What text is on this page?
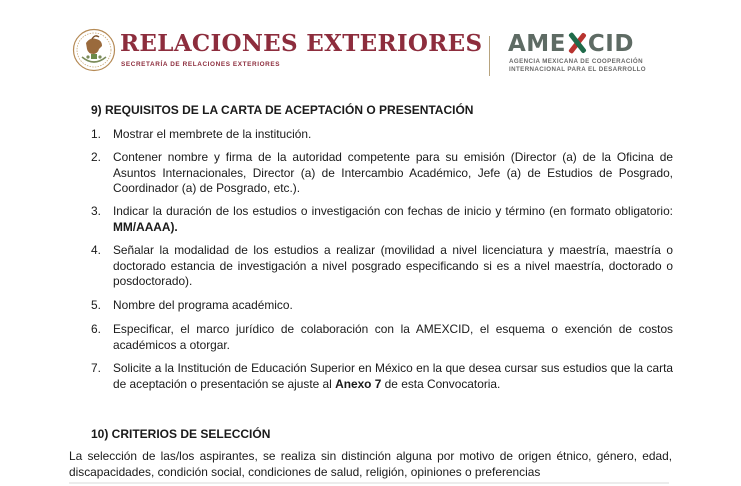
RELACIONES EXTERIORES
SECRETARÍA DE RELACIONES EXTERIORES
AME CID
AGENCIA MEXICANA DE COOPERACIÓN
INTERNACIONAL PARA EL DESARROLLO
9) REQUISITOS DE LA CARTA DE ACEPTACIÓN O PRESENTACIÓN
1. Mostrar el membrete de la institución.
2. Contener nombre y firma de la autoridad competente para su emisión (Director (a) de la Oficina de Asuntos Internacionales, Director (a) de Intercambio Académico, Jefe (a) de Estudios de Posgrado, Coordinador (a) de Posgrado, etc.).
3. Indicar la duración de los estudios o investigación con fechas de inicio y término (en formato obligatorio: MM/AAAA).
4. Señalar la modalidad de los estudios a realizar (movilidad a nivel licenciatura y maestría, maestría o doctorado estancia de investigación a nivel posgrado especificando si es a nivel maestría, doctorado o posdoctorado).
5. Nombre del programa académico.
6. Especificar, el marco jurídico de colaboración con la AMEXCID, el esquema o exención de costos académicos a otorgar.
7. Solicite a la Institución de Educación Superior en México en la que desea cursar sus estudios que la carta de aceptación o presentación se ajuste al Anexo 7 de esta Convocatoria.
10) CRITERIOS DE SELECCIÓN
La selección de las/los aspirantes, se realiza sin distinción alguna por motivo de origen étnico, género, edad, discapacidades, condición social, condiciones de salud, religión, opiniones o preferencias
